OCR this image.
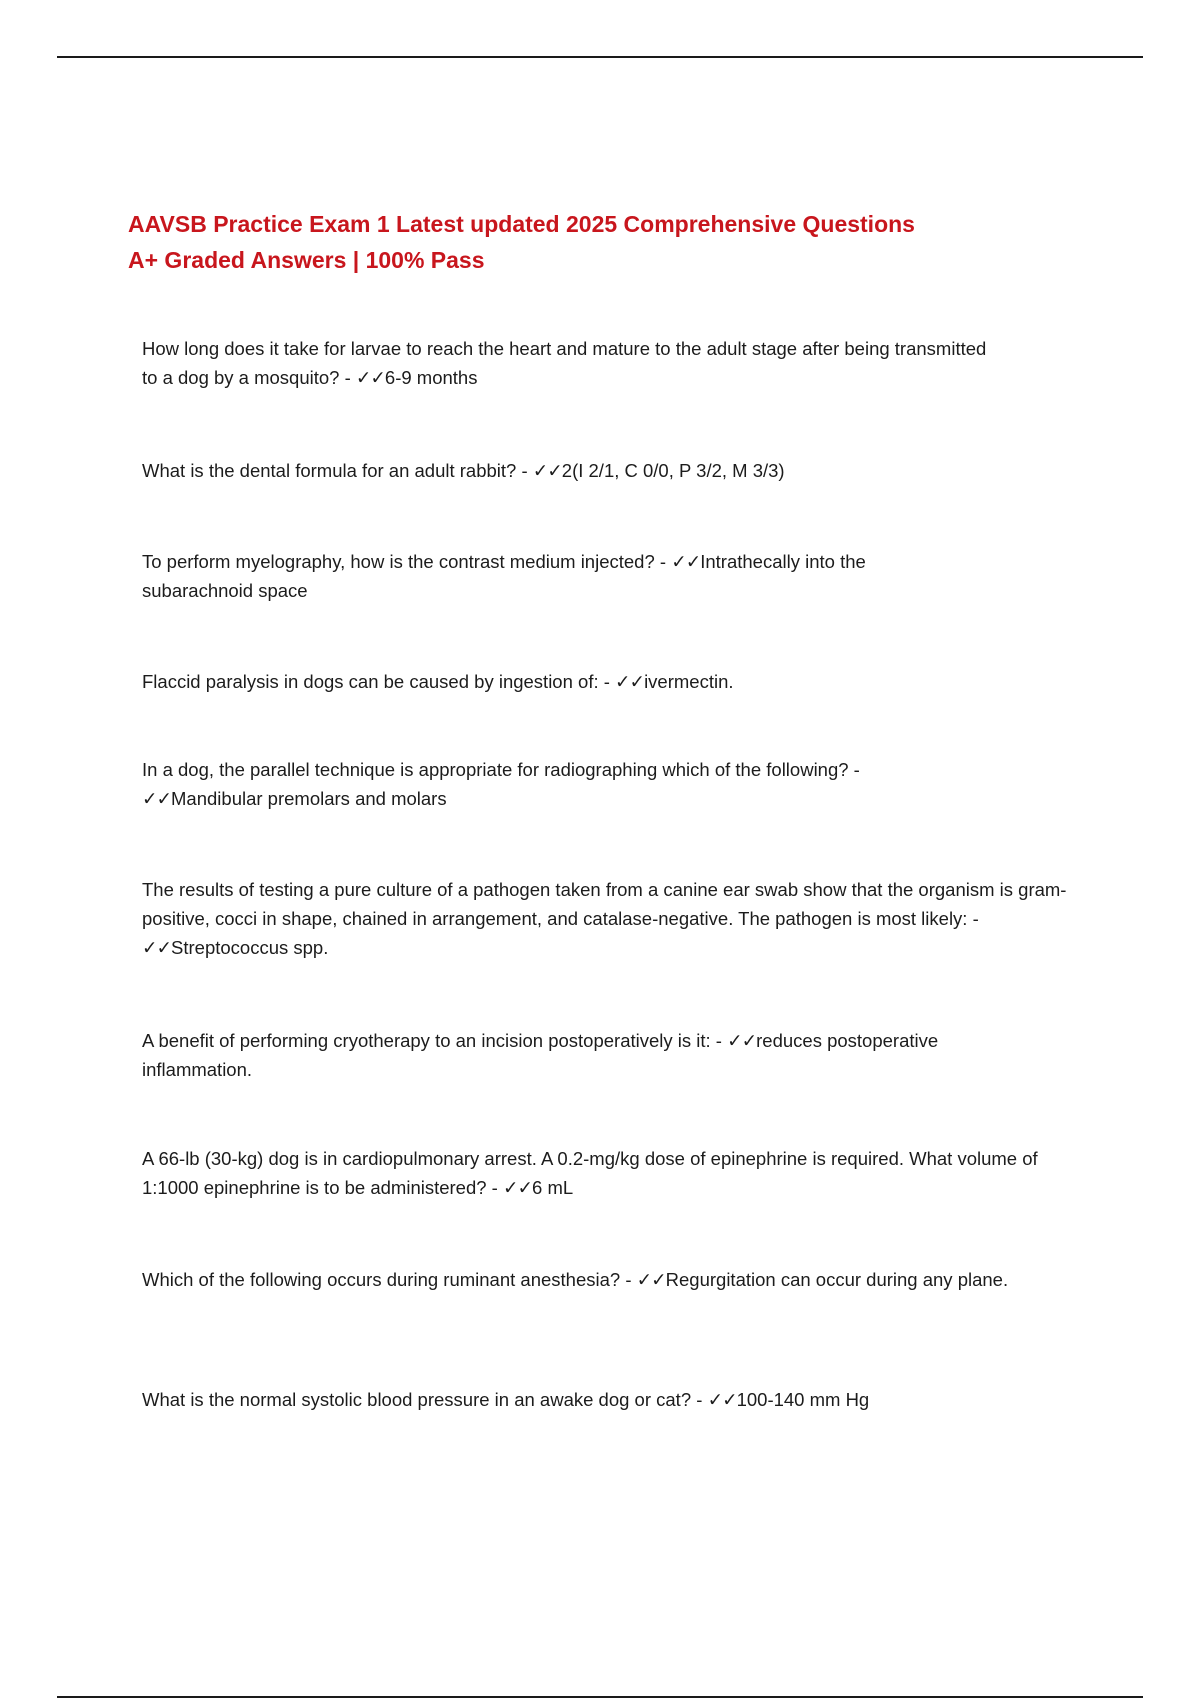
AAVSB Practice Exam 1 Latest updated 2025 Comprehensive Questions
A+ Graded Answers | 100% Pass
How long does it take for larvae to reach the heart and mature to the adult stage after being transmitted to a dog by a mosquito? - ✓✓6-9 months
What is the dental formula for an adult rabbit? - ✓✓2(I 2/1, C 0/0, P 3/2, M 3/3)
To perform myelography, how is the contrast medium injected? - ✓✓Intrathecally into the subarachnoid space
Flaccid paralysis in dogs can be caused by ingestion of: - ✓✓ivermectin.
In a dog, the parallel technique is appropriate for radiographing which of the following? - ✓✓Mandibular premolars and molars
The results of testing a pure culture of a pathogen taken from a canine ear swab show that the organism is gram-positive, cocci in shape, chained in arrangement, and catalase-negative. The pathogen is most likely: - ✓✓Streptococcus spp.
A benefit of performing cryotherapy to an incision postoperatively is it: - ✓✓reduces postoperative inflammation.
A 66-lb (30-kg) dog is in cardiopulmonary arrest. A 0.2-mg/kg dose of epinephrine is required. What volume of 1:1000 epinephrine is to be administered? - ✓✓6 mL
Which of the following occurs during ruminant anesthesia? - ✓✓Regurgitation can occur during any plane.
What is the normal systolic blood pressure in an awake dog or cat? - ✓✓100-140 mm Hg
